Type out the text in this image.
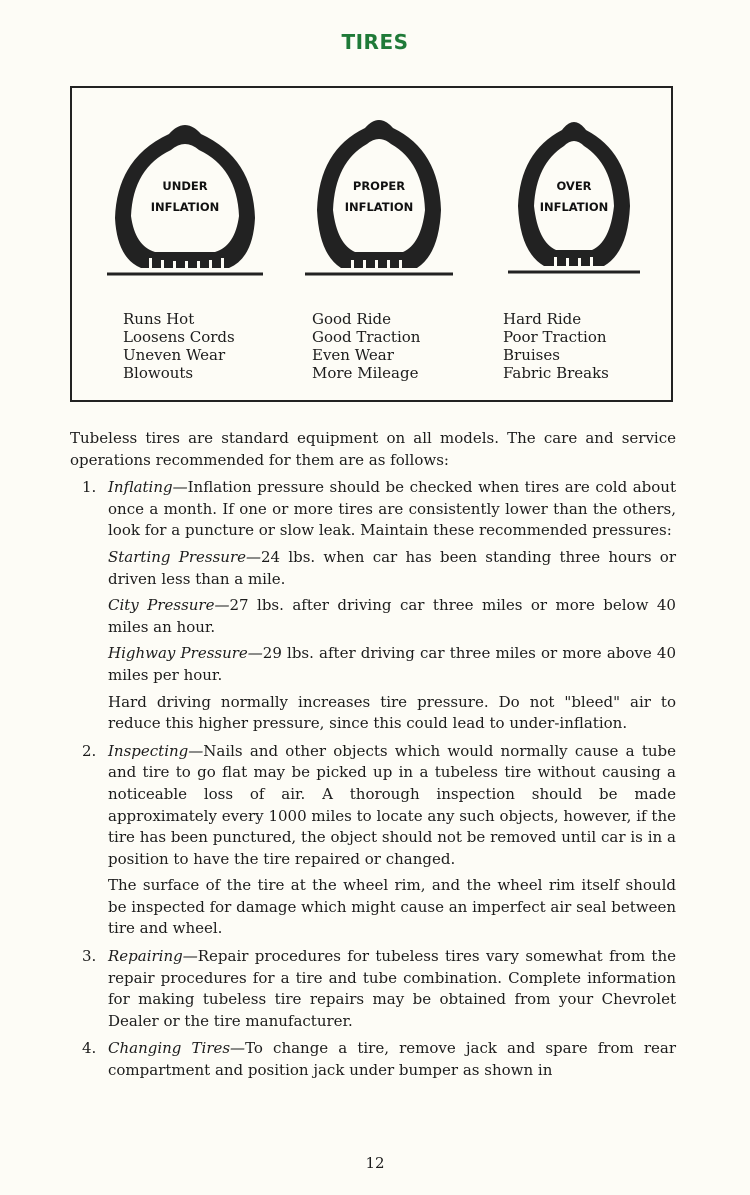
TIRES
UNDER
INFLATION
PROPER
INFLATION
OVER
INFLATION
Runs Hot
Loosens Cords
Uneven Wear
Blowouts
Good Ride
Good Traction
Even Wear
More Mileage
Hard Ride
Poor Traction
Bruises
Fabric Breaks

Tubeless tires are standard equipment on all models. The care and service operations recommended for them are as follows:

1. Inflating—Inflation pressure should be checked when tires are cold about once a month. If one or more tires are consistently lower than the others, look for a puncture or slow leak. Maintain these recommended pressures:

Starting Pressure—24 lbs. when car has been standing three hours or driven less than a mile.

City Pressure—27 lbs. after driving car three miles or more below 40 miles an hour.

Highway Pressure—29 lbs. after driving car three miles or more above 40 miles per hour.

Hard driving normally increases tire pressure. Do not "bleed" air to reduce this higher pressure, since this could lead to under-inflation.

2. Inspecting—Nails and other objects which would normally cause a tube and tire to go flat may be picked up in a tubeless tire without causing a noticeable loss of air. A thorough inspection should be made approximately every 1000 miles to locate any such objects, however, if the tire has been punctured, the object should not be removed until car is in a position to have the tire repaired or changed.

The surface of the tire at the wheel rim, and the wheel rim itself should be inspected for damage which might cause an imperfect air seal between tire and wheel.

3. Repairing—Repair procedures for tubeless tires vary somewhat from the repair procedures for a tire and tube combination. Complete information for making tubeless tire repairs may be obtained from your Chevrolet Dealer or the tire manufacturer.

4. Changing Tires—To change a tire, remove jack and spare from rear compartment and position jack under bumper as shown in

12
